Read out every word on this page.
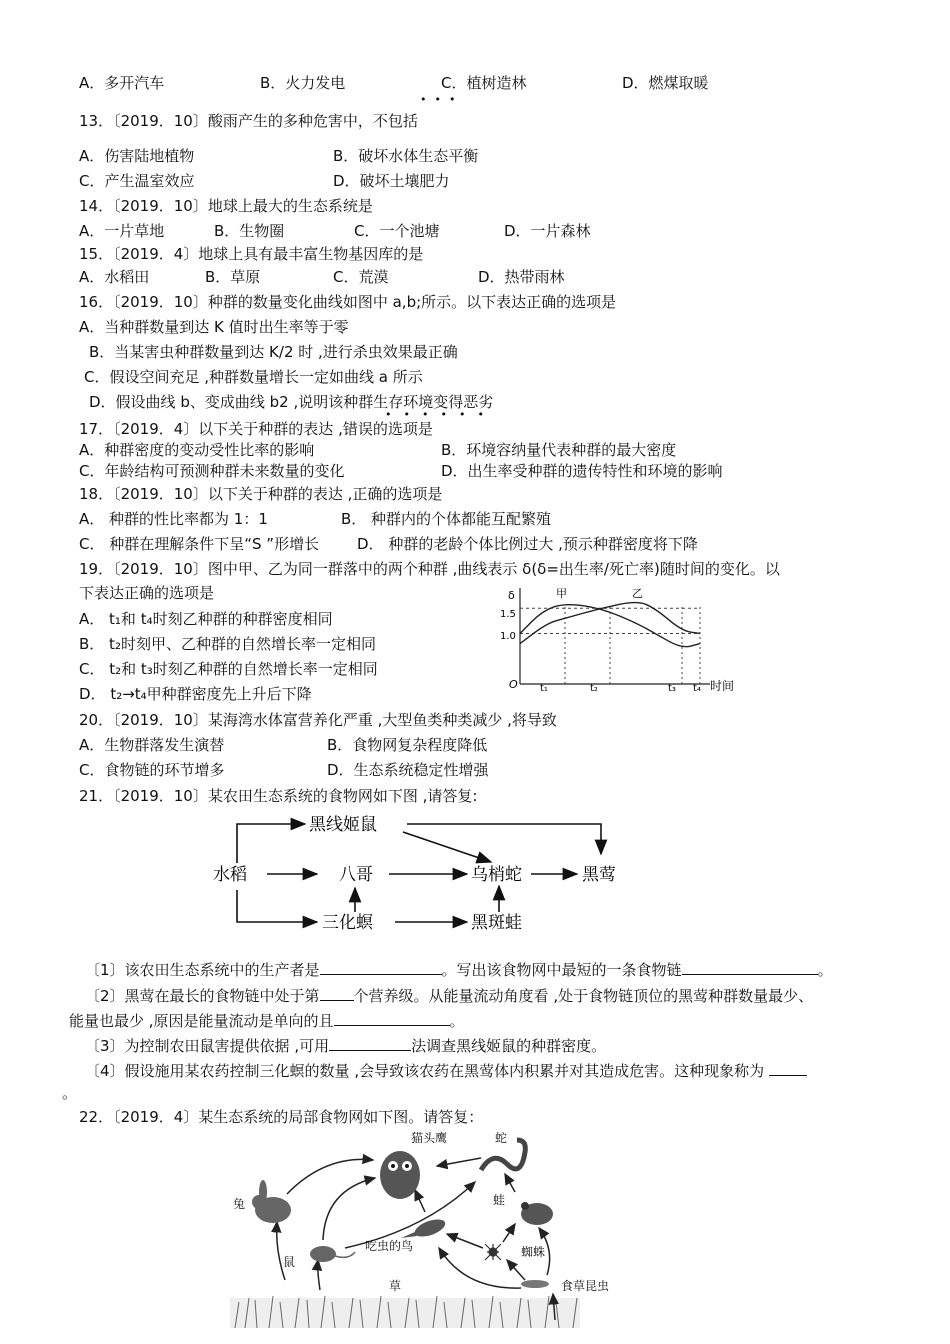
A．多开汽车	B．火力发电	C．植树造林	D．燃煤取暖
•••
13．〔2019．10〕酸雨产生的多种危害中，不包括
A．伤害陆地植物	B．破坏水体生态平衡
C．产生温室效应	D．破坏土壤肥力
14．〔2019．10〕地球上最大的生态系统是
A．一片草地	B．生物圈	C．一个池塘	D．一片森林
15．〔2019．4〕地球上具有最丰富生物基因库的是
A．水稻田	B．草原	C．荒漠	D．热带雨林
16．〔2019．10〕种群的数量变化曲线如图中 a,b;所示。以下表达正确的选项是
A．当种群数量到达 K 值时出生率等于零
B．当某害虫种群数量到达 K/2 时 ,进行杀虫效果最正确
C．假设空间充足 ,种群数量增长一定如曲线 a 所示
D．假设曲线 b、变成曲线 b2 ,说明该种群生存环境变得恶劣
••••••
17．〔2019．4〕以下关于种群的表达 ,错误的选项是
A．种群密度的变动受性比率的影响	B．环境容纳量代表种群的最大密度
C．年龄结构可预测种群未来数量的变化	D．出生率受种群的遗传特性和环境的影响
18．〔2019．10〕以下关于种群的表达 ,正确的选项是
A． 种群的性比率都为 1：1	B． 种群内的个体都能互配繁殖
C． 种群在理解条件下呈“S ”形增长	D． 种群的老龄个体比例过大 ,预示种群密度将下降
19．〔2019．10〕图中甲、乙为同一群落中的两个种群 ,曲线表示 δ(δ=出生率/死亡率)随时间的变化。以
下表达正确的选项是
A． t₁和 t₄时刻乙种群的种群密度相同
B． t₂时刻甲、乙种群的自然增长率一定相同
C． t₂和 t₃时刻乙种群的自然增长率一定相同
D． t₂→t₄甲种群密度先上升后下降
δ
1.5
1.0
O t₁	t₂	t₃ t₄ 时间
甲	乙
20．〔2019．10〕某海湾水体富营养化严重 ,大型鱼类种类减少 ,将导致
A．生物群落发生演替	B．食物网复杂程度降低
C．食物链的环节增多	D．生态系统稳定性增强
21．〔2019．10〕某农田生态系统的食物网如下图 ,请答复:
黑线姬鼠
水稻	八哥	乌梢蛇	黑莺
三化螟	黑斑蛙
〔1〕该农田生态系统中的生产者是	。写出该食物网中最短的一条食物链	。
〔2〕黑莺在最长的食物链中处于第 个营养级。从能量流动角度看 ,处于食物链顶位的黑莺种群数量最少、
能量也最少 ,原因是能量流动是单向的且	。
〔3〕为控制农田鼠害提供依据 ,可用	法调查黑线姬鼠的种群密度。
〔4〕假设施用某农药控制三化螟的数量 ,会导致该农药在黑莺体内积累并对其造成危害。这种现象称为
。
22．〔2019．4〕某生态系统的局部食物网如下图。请答复：
猫头鹰	蛇
兔	蛙
鼠
吃虫的鸟	蜘蛛
草	食草昆虫
